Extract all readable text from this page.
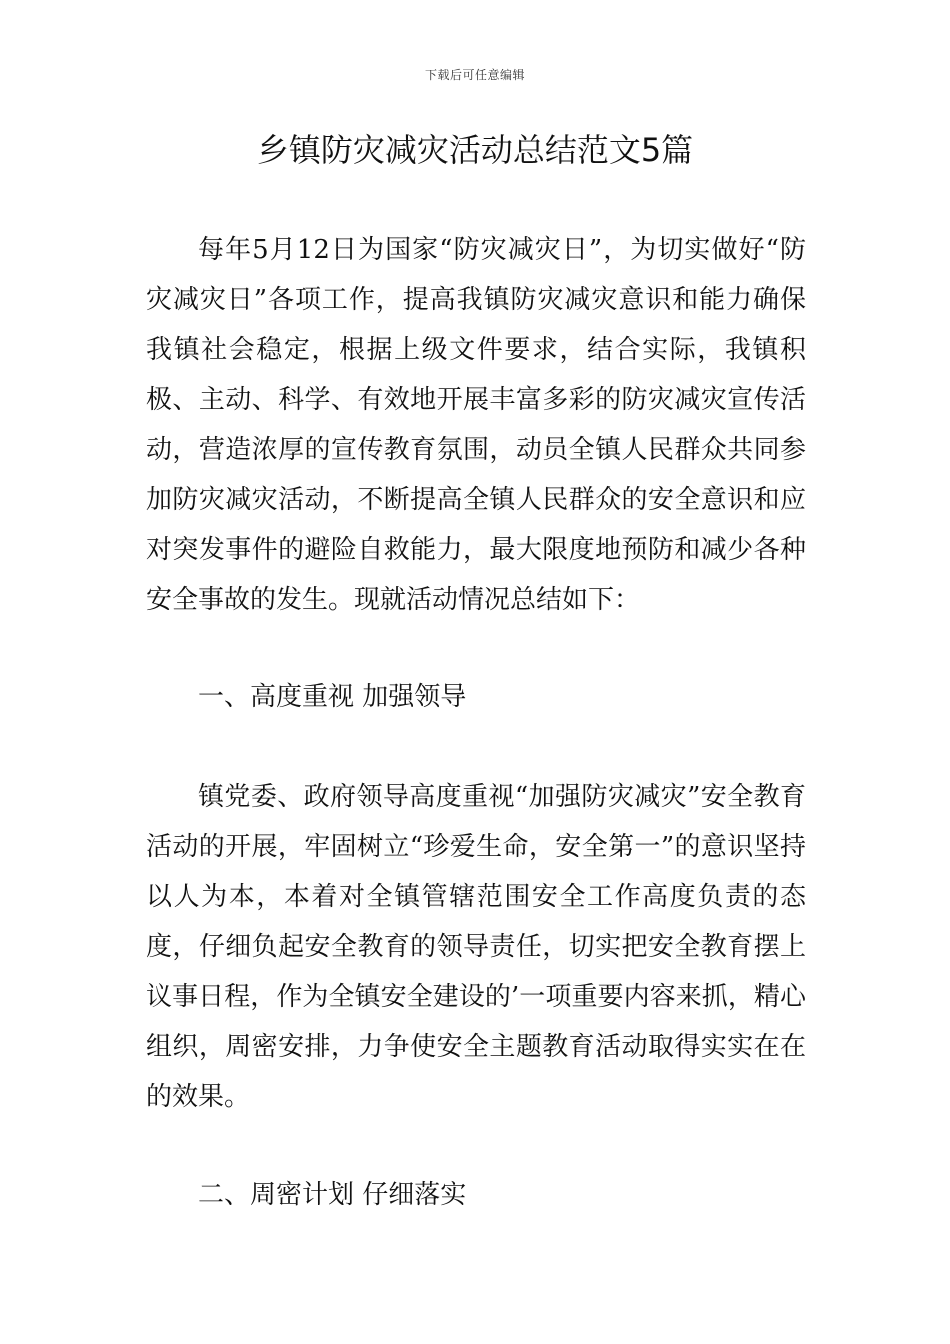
下载后可任意编辑
乡镇防灾减灾活动总结范文5篇

每年5月12日为国家“防灾减灾日”，为切实做好“防灾减灾日”各项工作，提高我镇防灾减灾意识和能力确保我镇社会稳定，根据上级文件要求，结合实际，我镇积极、主动、科学、有效地开展丰富多彩的防灾减灾宣传活动，营造浓厚的宣传教育氛围，动员全镇人民群众共同参加防灾减灾活动，不断提高全镇人民群众的安全意识和应对突发事件的避险自救能力，最大限度地预防和减少各种安全事故的发生。现就活动情况总结如下：

一、高度重视 加强领导

镇党委、政府领导高度重视“加强防灾减灾”安全教育活动的开展，牢固树立“珍爱生命，安全第一”的意识坚持以人为本，本着对全镇管辖范围安全工作高度负责的态度，仔细负起安全教育的领导责任，切实把安全教育摆上议事日程，作为全镇安全建设的’一项重要内容来抓，精心组织，周密安排，力争使安全主题教育活动取得实实在在的效果。

二、周密计划 仔细落实
